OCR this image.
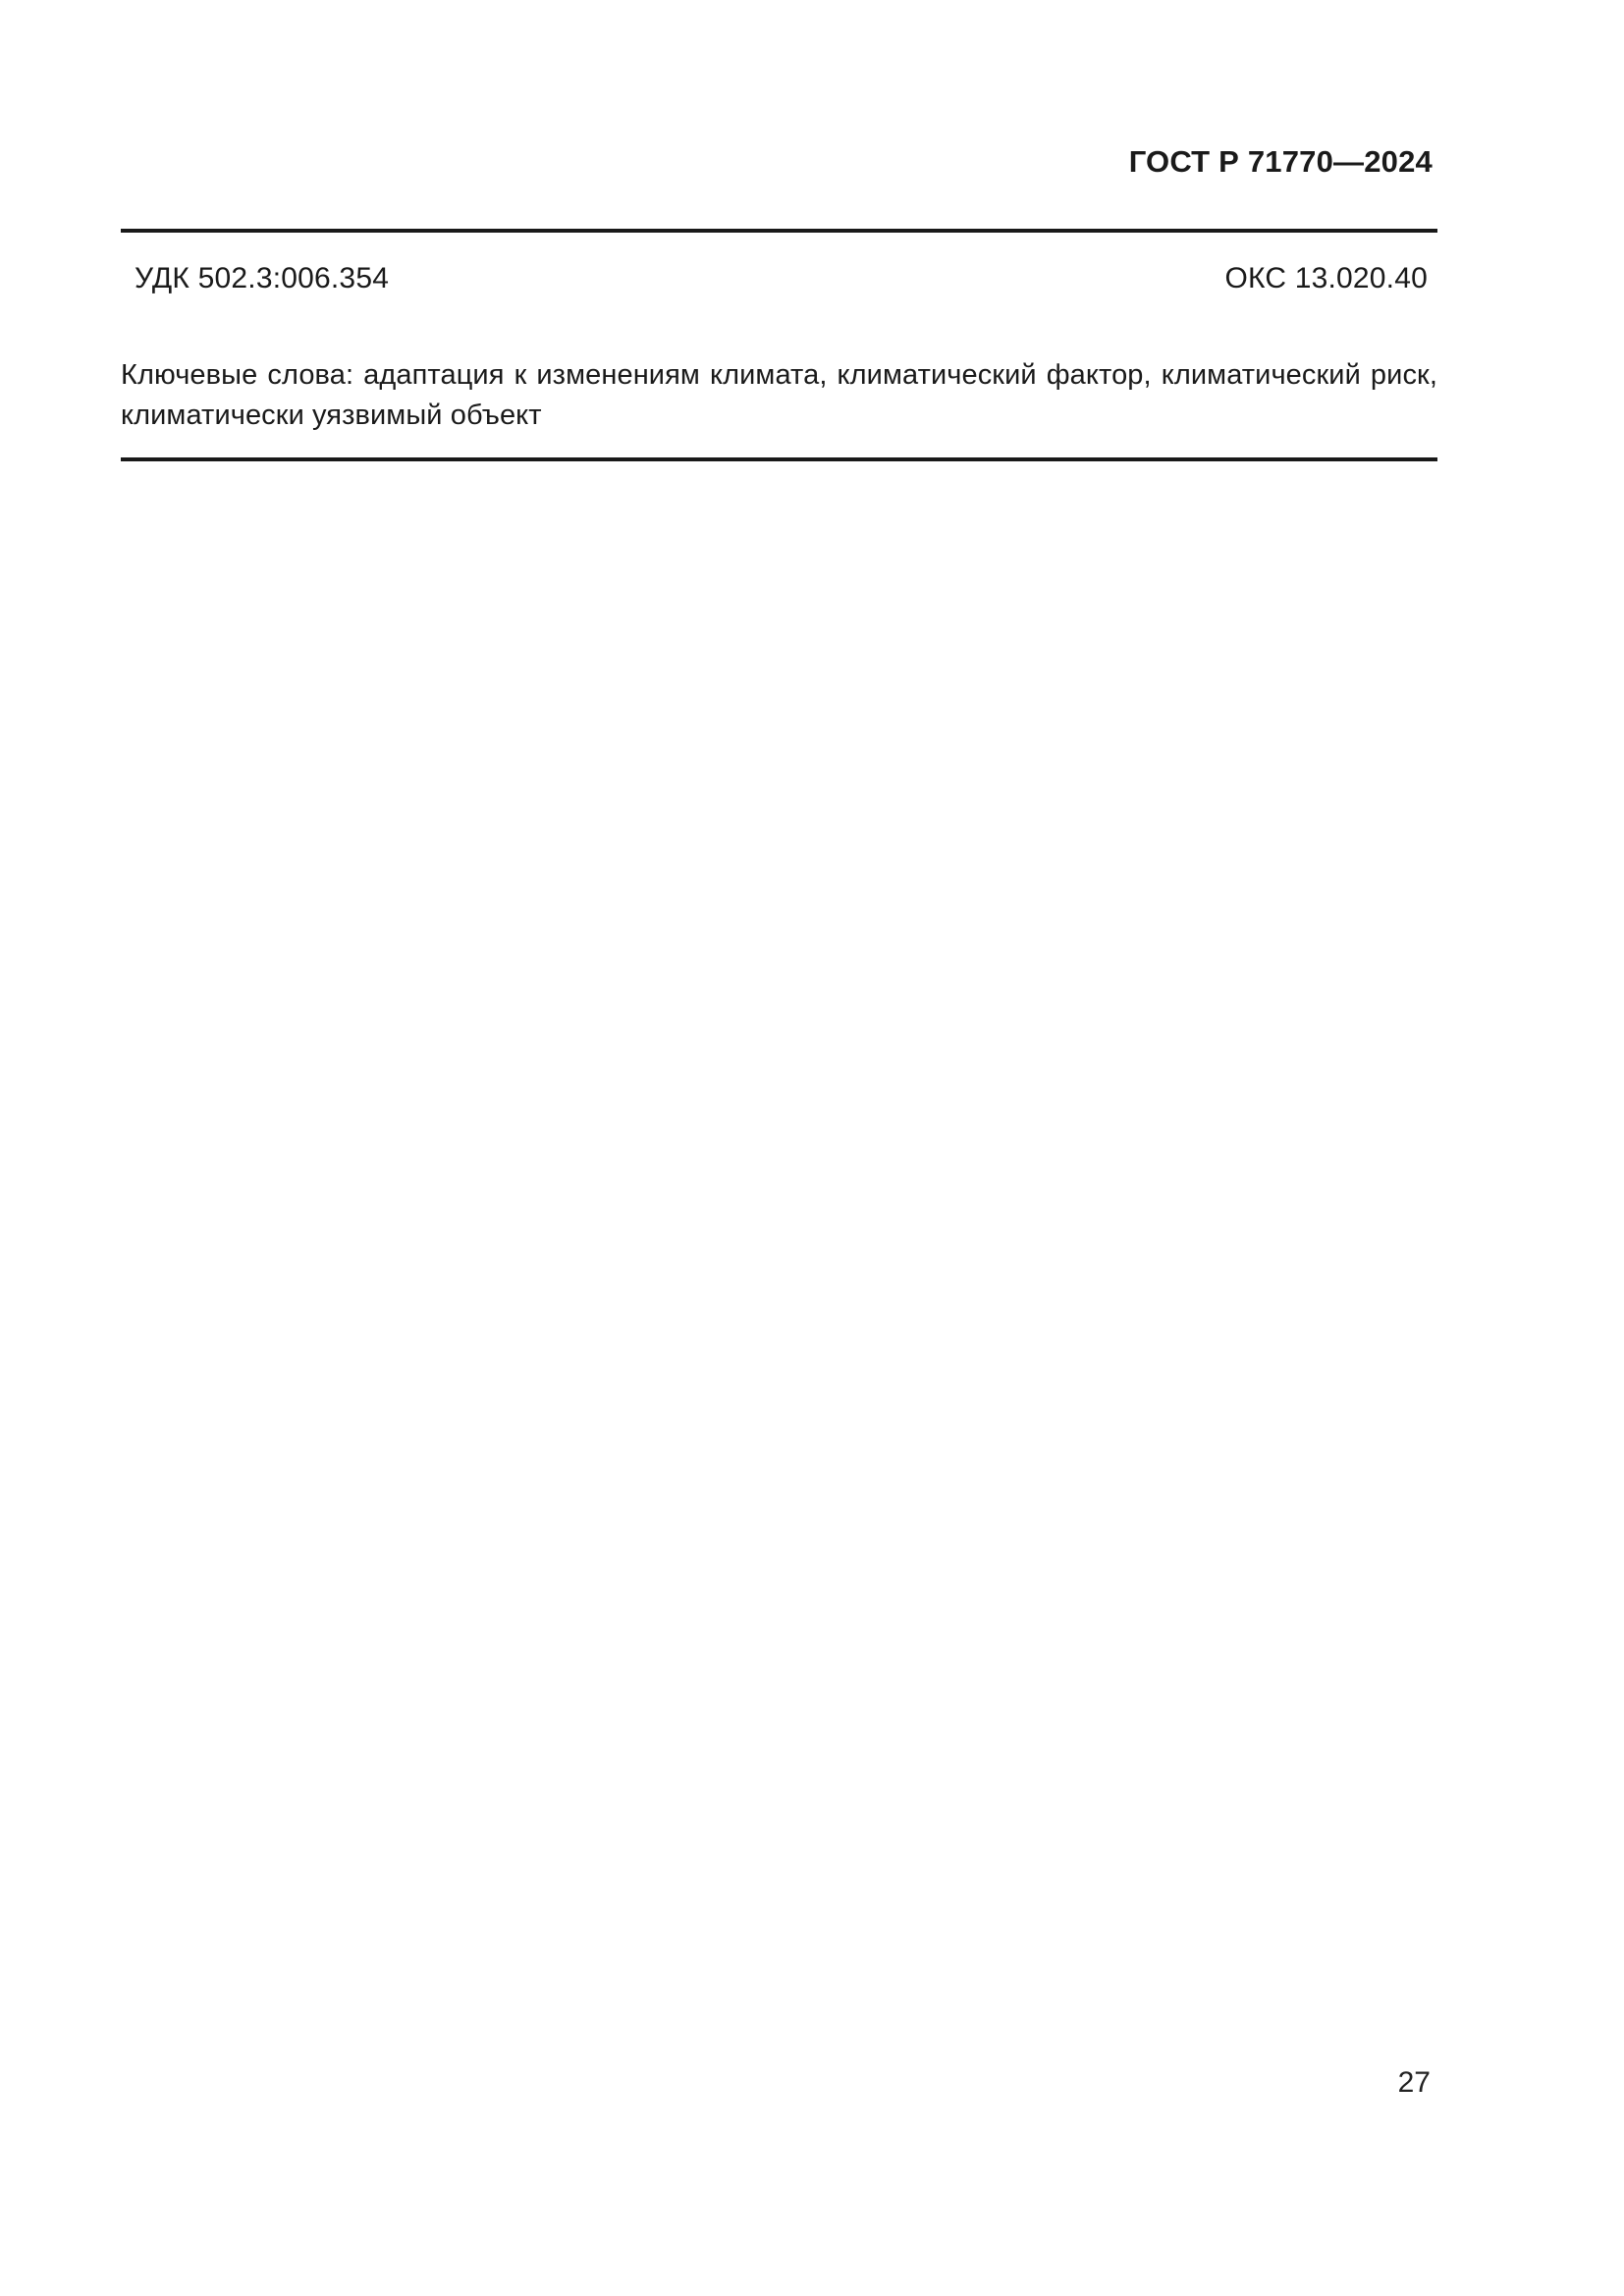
ГОСТ Р 71770—2024
УДК 502.3:006.354	ОКС 13.020.40
Ключевые слова: адаптация к изменениям климата, климатический фактор, климатический риск,
климатически уязвимый объект
27
